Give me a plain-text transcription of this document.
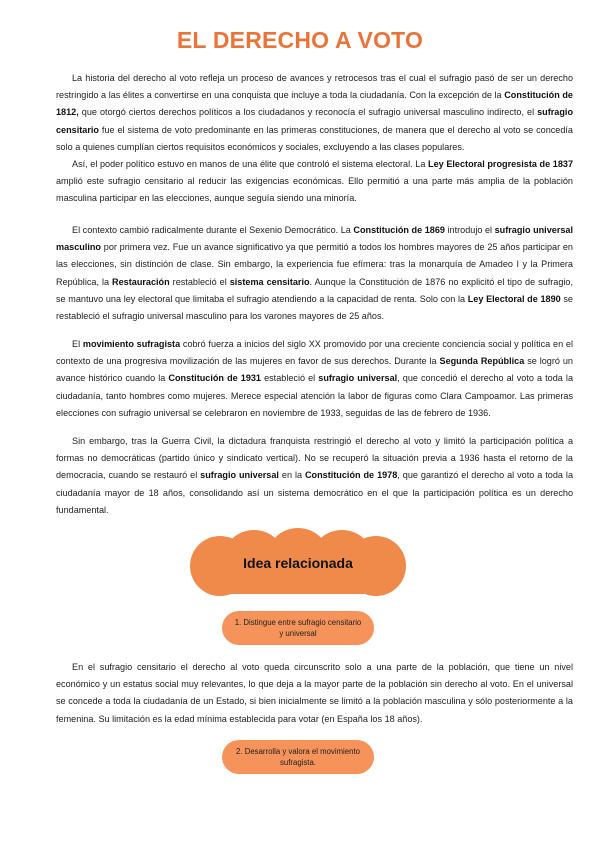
EL DERECHO A VOTO

La historia del derecho al voto refleja un proceso de avances y retrocesos tras el cual el sufragio pasó de ser un derecho restringido a las élites a convertirse en una conquista que incluye a toda la ciudadanía. Con la excepción de la Constitución de 1812, que otorgó ciertos derechos políticos a los ciudadanos y reconocía el sufragio universal masculino indirecto, el sufragio censitario fue el sistema de voto predominante en las primeras constituciones, de manera que el derecho al voto se concedía solo a quienes cumplían ciertos requisitos económicos y sociales, excluyendo a las clases populares.

Así, el poder político estuvo en manos de una élite que controló el sistema electoral. La Ley Electoral progresista de 1837 amplió este sufragio censitario al reducir las exigencias económicas. Ello permitió a una parte más amplia de la población masculina participar en las elecciones, aunque seguía siendo una minoría.

El contexto cambió radicalmente durante el Sexenio Democrático. La Constitución de 1869 introdujo el sufragio universal masculino por primera vez. Fue un avance significativo ya que permitió a todos los hombres mayores de 25 años participar en las elecciones, sin distinción de clase. Sin embargo, la experiencia fue efímera: tras la monarquía de Amadeo I y la Primera República, la Restauración restableció el sistema censitario. Aunque la Constitución de 1876 no explicitó el tipo de sufragio, se mantuvo una ley electoral que limitaba el sufragio atendiendo a la capacidad de renta. Solo con la Ley Electoral de 1890 se restableció el sufragio universal masculino para los varones mayores de 25 años.

El movimiento sufragista cobró fuerza a inicios del siglo XX promovido por una creciente conciencia social y política en el contexto de una progresiva movilización de las mujeres en favor de sus derechos. Durante la Segunda República se logró un avance histórico cuando la Constitución de 1931 estableció el sufragio universal, que concedió el derecho al voto a toda la ciudadanía, tanto hombres como mujeres. Merece especial atención la labor de figuras como Clara Campoamor. Las primeras elecciones con sufragio universal se celebraron en noviembre de 1933, seguidas de las de febrero de 1936.

Sin embargo, tras la Guerra Civil, la dictadura franquista restringió el derecho al voto y limitó la participación política a formas no democráticas (partido único y sindicato vertical). No se recuperó la situación previa a 1936 hasta el retorno de la democracia, cuando se restauró el sufragio universal en la Constitución de 1978, que garantizó el derecho al voto a toda la ciudadanía mayor de 18 años, consolidando así un sistema democrático en el que la participación política es un derecho fundamental.

Idea relacionada
1. Distingue entre sufragio censitario y universal

En el sufragio censitario el derecho al voto queda circunscrito solo a una parte de la población, que tiene un nivel económico y un estatus social muy relevantes, lo que deja a la mayor parte de la población sin derecho al voto. En el universal se concede a toda la ciudadanía de un Estado, si bien inicialmente se limitó a la población masculina y sólo posteriormente a la femenina. Su limitación es la edad mínima establecida para votar (en España los 18 años).

2. Desarrolla y valora el movimiento sufragista.
